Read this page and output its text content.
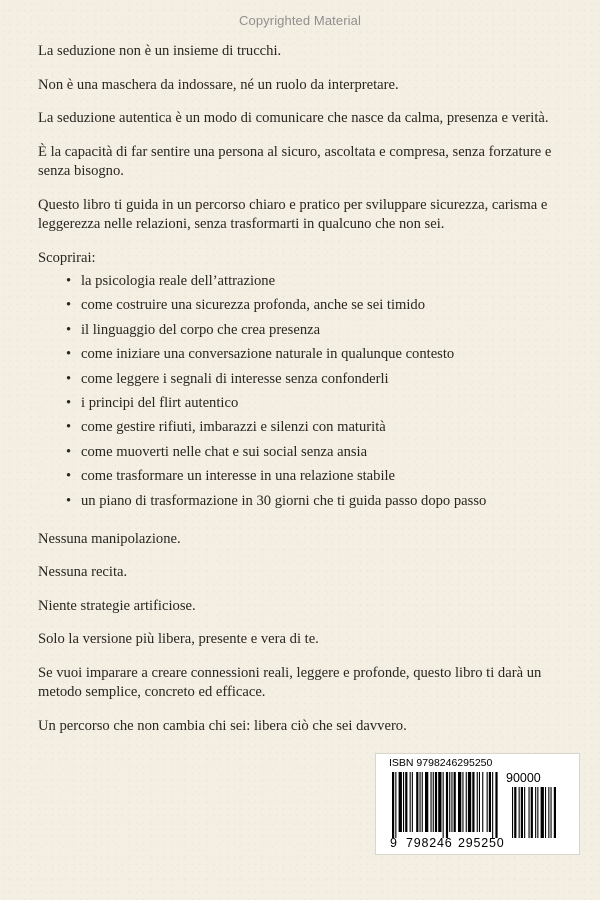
Copyrighted Material

La seduzione non è un insieme di trucchi.

Non è una maschera da indossare, né un ruolo da interpretare.

La seduzione autentica è un modo di comunicare che nasce da calma, presenza e verità.

È la capacità di far sentire una persona al sicuro, ascoltata e compresa, senza forzature e senza bisogno.

Questo libro ti guida in un percorso chiaro e pratico per sviluppare sicurezza, carisma e leggerezza nelle relazioni, senza trasformarti in qualcuno che non sei.

Scoprirai:

• la psicologia reale dell’attrazione
• come costruire una sicurezza profonda, anche se sei timido
• il linguaggio del corpo che crea presenza
• come iniziare una conversazione naturale in qualunque contesto
• come leggere i segnali di interesse senza confonderli
• i principi del flirt autentico
• come gestire rifiuti, imbarazzi e silenzi con maturità
• come muoverti nelle chat e sui social senza ansia
• come trasformare un interesse in una relazione stabile
• un piano di trasformazione in 30 giorni che ti guida passo dopo passo

Nessuna manipolazione.

Nessuna recita.

Niente strategie artificiose.

Solo la versione più libera, presente e vera di te.

Se vuoi imparare a creare connessioni reali, leggere e profonde, questo libro ti darà un metodo semplice, concreto ed efficace.

Un percorso che non cambia chi sei: libera ciò che sei davvero.

ISBN 9798246295250
90000
9 798246 295250
